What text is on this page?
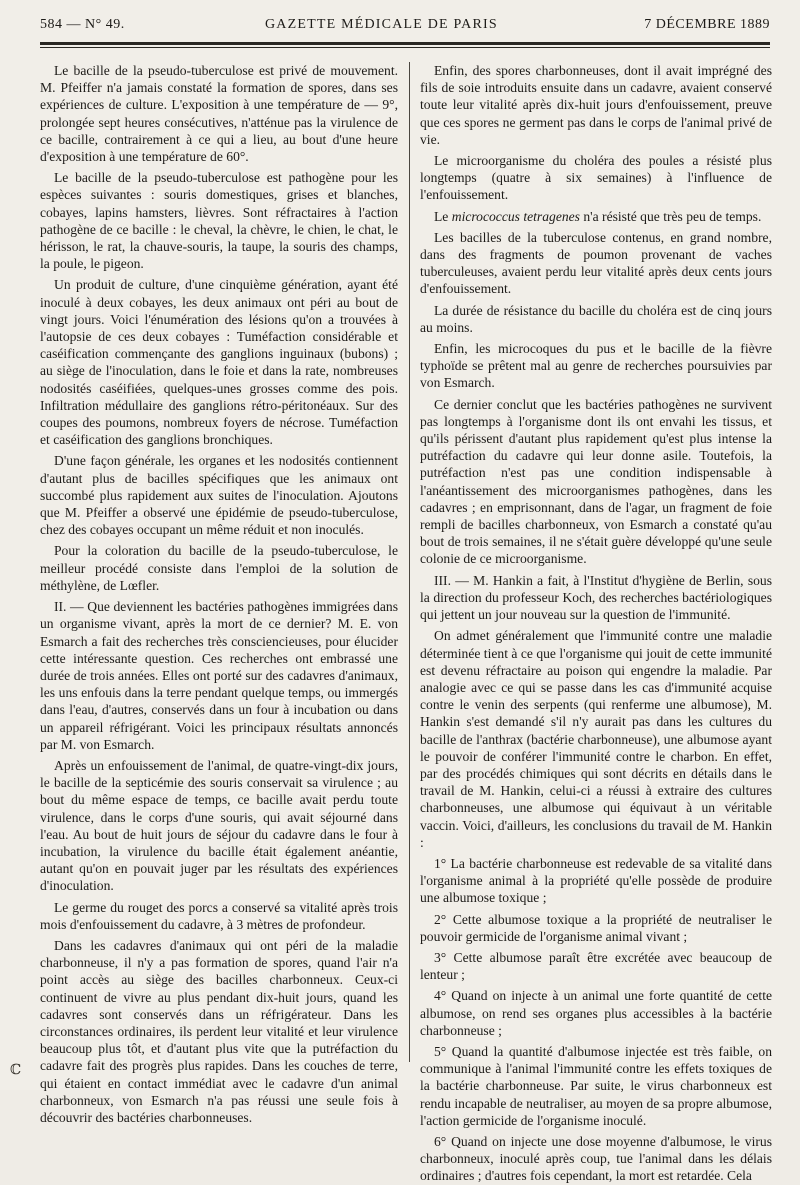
584 — N° 49.	GAZETTE MÉDICALE DE PARIS	7 DÉCEMBRE 1889

Le bacille de la pseudo-tuberculose est privé de mouvement. M. Pfeiffer n'a jamais constaté la formation de spores, dans ses expériences de culture. L'exposition à une température de — 9°, prolongée sept heures consécutives, n'atténue pas la virulence de ce bacille, contrairement à ce qui a lieu, au bout d'une heure d'exposition à une température de 60°.

Le bacille de la pseudo-tuberculose est pathogène pour les espèces suivantes : souris domestiques, grises et blanches, cobayes, lapins hamsters, lièvres. Sont réfractaires à l'action pathogène de ce bacille : le cheval, la chèvre, le chien, le chat, le hérisson, le rat, la chauve-souris, la taupe, la souris des champs, la poule, le pigeon.

Un produit de culture, d'une cinquième génération, ayant été inoculé à deux cobayes, les deux animaux ont péri au bout de vingt jours. Voici l'énumération des lésions qu'on a trouvées à l'autopsie de ces deux cobayes : Tuméfaction considérable et caséification commençante des ganglions inguinaux (bubons) ; au siège de l'inoculation, dans le foie et dans la rate, nombreuses nodosités caséifiées, quelques-unes grosses comme des pois. Infiltration médullaire des ganglions rétro-péritonéaux. Sur des coupes des poumons, nombreux foyers de nécrose. Tuméfaction et caséification des ganglions bronchiques.

D'une façon générale, les organes et les nodosités contiennent d'autant plus de bacilles spécifiques que les animaux ont succombé plus rapidement aux suites de l'inoculation. Ajoutons que M. Pfeiffer a observé une épidémie de pseudo-tuberculose, chez des cobayes occupant un même réduit et non inoculés.

Pour la coloration du bacille de la pseudo-tuberculose, le meilleur procédé consiste dans l'emploi de la solution de méthylène, de Lœfler.

II. — Que deviennent les bactéries pathogènes immigrées dans un organisme vivant, après la mort de ce dernier? M. E. von Esmarch a fait des recherches très consciencieuses, pour élucider cette intéressante question. Ces recherches ont embrassé une durée de trois années. Elles ont porté sur des cadavres d'animaux, les uns enfouis dans la terre pendant quelque temps, ou immergés dans l'eau, d'autres, conservés dans un four à incubation ou dans un appareil réfrigérant. Voici les principaux résultats annoncés par M. von Esmarch.

Après un enfouissement de l'animal, de quatre-vingt-dix jours, le bacille de la septicémie des souris conservait sa virulence ; au bout du même espace de temps, ce bacille avait perdu toute virulence, dans le corps d'une souris, qui avait séjourné dans l'eau. Au bout de huit jours de séjour du cadavre dans le four à incubation, la virulence du bacille était également anéantie, autant qu'on en pouvait juger par les résultats des expériences d'inoculation.

Le germe du rouget des porcs a conservé sa vitalité après trois mois d'enfouissement du cadavre, à 3 mètres de profondeur.

Dans les cadavres d'animaux qui ont péri de la maladie charbonneuse, il n'y a pas formation de spores, quand l'air n'a point accès au siège des bacilles charbonneux. Ceux-ci continuent de vivre au plus pendant dix-huit jours, quand les cadavres sont conservés dans un réfrigérateur. Dans les circonstances ordinaires, ils perdent leur vitalité et leur virulence beaucoup plus tôt, et d'autant plus vite que la putréfaction du cadavre fait des progrès plus rapides. Dans les couches de terre, qui étaient en contact immédiat avec le cadavre d'un animal charbonneux, von Esmarch n'a pas réussi une seule fois à découvrir des bactéries charbonneuses.

Enfin, des spores charbonneuses, dont il avait imprégné des fils de soie introduits ensuite dans un cadavre, avaient conservé toute leur vitalité après dix-huit jours d'enfouissement, preuve que ces spores ne germent pas dans le corps de l'animal privé de vie.

Le microorganisme du choléra des poules a résisté plus longtemps (quatre à six semaines) à l'influence de l'enfouissement.

Le micrococcus tetragenes n'a résisté que très peu de temps.

Les bacilles de la tuberculose contenus, en grand nombre, dans des fragments de poumon provenant de vaches tuberculeuses, avaient perdu leur vitalité après deux cents jours d'enfouissement.

La durée de résistance du bacille du choléra est de cinq jours au moins.

Enfin, les microcoques du pus et le bacille de la fièvre typhoïde se prêtent mal au genre de recherches poursuivies par von Esmarch.

Ce dernier conclut que les bactéries pathogènes ne survivent pas longtemps à l'organisme dont ils ont envahi les tissus, et qu'ils périssent d'autant plus rapidement qu'est plus intense la putréfaction du cadavre qui leur donne asile. Toutefois, la putréfaction n'est pas une condition indispensable à l'anéantissement des microorganismes pathogènes, dans les cadavres ; en emprisonnant, dans de l'agar, un fragment de foie rempli de bacilles charbonneux, von Esmarch a constaté qu'au bout de trois semaines, il ne s'était guère développé qu'une seule colonie de ce microorganisme.

III. — M. Hankin a fait, à l'Institut d'hygiène de Berlin, sous la direction du professeur Koch, des recherches bactériologiques qui jettent un jour nouveau sur la question de l'immunité.

On admet généralement que l'immunité contre une maladie déterminée tient à ce que l'organisme qui jouit de cette immunité est devenu réfractaire au poison qui engendre la maladie. Par analogie avec ce qui se passe dans les cas d'immunité acquise contre le venin des serpents (qui renferme une albumose), M. Hankin s'est demandé s'il n'y aurait pas dans les cultures du bacille de l'anthrax (bactérie charbonneuse), une albumose ayant le pouvoir de conférer l'immunité contre le charbon. En effet, par des procédés chimiques qui sont décrits en détails dans le travail de M. Hankin, celui-ci a réussi à extraire des cultures charbonneuses, une albumose qui équivaut à un véritable vaccin. Voici, d'ailleurs, les conclusions du travail de M. Hankin :

1° La bactérie charbonneuse est redevable de sa vitalité dans l'organisme animal à la propriété qu'elle possède de produire une albumose toxique ;

2° Cette albumose toxique a la propriété de neutraliser le pouvoir germicide de l'organisme animal vivant ;

3° Cette albumose paraît être excrétée avec beaucoup de lenteur ;

4° Quand on injecte à un animal une forte quantité de cette albumose, on rend ses organes plus accessibles à la bactérie charbonneuse ;

5° Quand la quantité d'albumose injectée est très faible, on communique à l'animal l'immunité contre les effets toxiques de la bactérie charbonneuse. Par suite, le virus charbonneux est rendu incapable de neutraliser, au moyen de sa propre albumose, l'action germicide de l'organisme inoculé.

6° Quand on injecte une dose moyenne d'albumose, le virus charbonneux, inoculé après coup, tue l'animal dans les délais ordinaires ; d'autres fois cependant, la mort est retardée. Cela

ℂ
